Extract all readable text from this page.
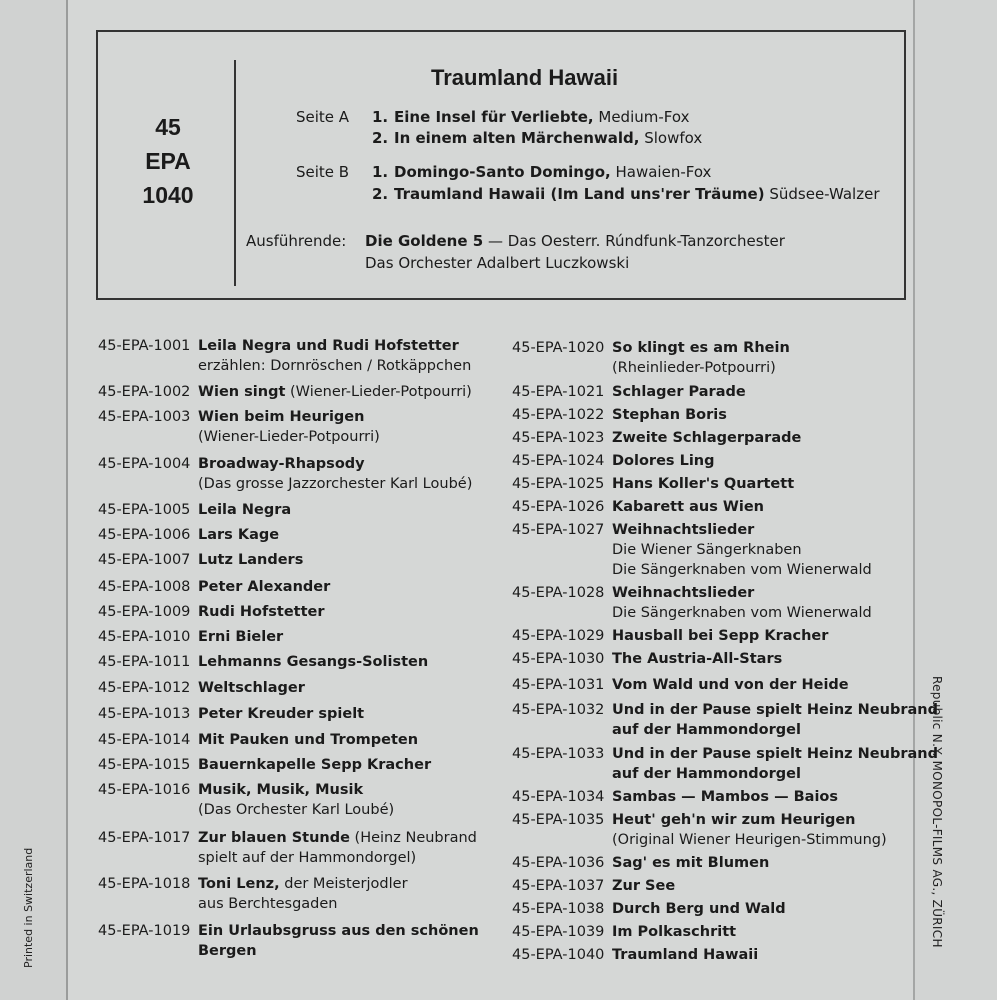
Printed in Switzerland	Republic N.Y. MONOPOL-FILMS AG., ZÜRICH
45
EPA
1040
Traumland Hawaii
Seite A 1. Eine Insel für Verliebte, Medium-Fox
2. In einem alten Märchenwald, Slowfox
Seite B 1. Domingo-Santo Domingo, Hawaien-Fox
2. Traumland Hawaii (Im Land uns'rer Träume) Südsee-Walzer
Ausführende: Die Goldene 5 — Das Oesterr. Rúndfunk-Tanzorchester
Das Orchester Adalbert Luczkowski
45-EPA-1001 Leila Negra und Rudi Hofstetter
erzählen: Dornröschen / Rotkäppchen
45-EPA-1002 Wien singt (Wiener-Lieder-Potpourri)
45-EPA-1003 Wien beim Heurigen
(Wiener-Lieder-Potpourri)
45-EPA-1004 Broadway-Rhapsody
(Das grosse Jazzorchester Karl Loubé)
45-EPA-1005 Leila Negra
45-EPA-1006 Lars Kage
45-EPA-1007 Lutz Landers
45-EPA-1008 Peter Alexander
45-EPA-1009 Rudi Hofstetter
45-EPA-1010 Erni Bieler
45-EPA-1011 Lehmanns Gesangs-Solisten
45-EPA-1012 Weltschlager
45-EPA-1013 Peter Kreuder spielt
45-EPA-1014 Mit Pauken und Trompeten
45-EPA-1015 Bauernkapelle Sepp Kracher
45-EPA-1016 Musik, Musik, Musik
(Das Orchester Karl Loubé)
45-EPA-1017 Zur blauen Stunde (Heinz Neubrand
spielt auf der Hammondorgel)
45-EPA-1018 Toni Lenz, der Meisterjodler
aus Berchtesgaden
45-EPA-1019 Ein Urlaubsgruss aus den schönen
Bergen
45-EPA-1020 So klingt es am Rhein
(Rheinlieder-Potpourri)
45-EPA-1021 Schlager Parade
45-EPA-1022 Stephan Boris
45-EPA-1023 Zweite Schlagerparade
45-EPA-1024 Dolores Ling
45-EPA-1025 Hans Koller's Quartett
45-EPA-1026 Kabarett aus Wien
45-EPA-1027 Weihnachtslieder
Die Wiener Sängerknaben
Die Sängerknaben vom Wienerwald
45-EPA-1028 Weihnachtslieder
Die Sängerknaben vom Wienerwald
45-EPA-1029 Hausball bei Sepp Kracher
45-EPA-1030 The Austria-All-Stars
45-EPA-1031 Vom Wald und von der Heide
45-EPA-1032 Und in der Pause spielt Heinz Neubrand
auf der Hammondorgel
45-EPA-1033 Und in der Pause spielt Heinz Neubrand
auf der Hammondorgel
45-EPA-1034 Sambas — Mambos — Baios
45-EPA-1035 Heut' geh'n wir zum Heurigen
(Original Wiener Heurigen-Stimmung)
45-EPA-1036 Sag' es mit Blumen
45-EPA-1037 Zur See
45-EPA-1038 Durch Berg und Wald
45-EPA-1039 Im Polkaschritt
45-EPA-1040 Traumland Hawaii
